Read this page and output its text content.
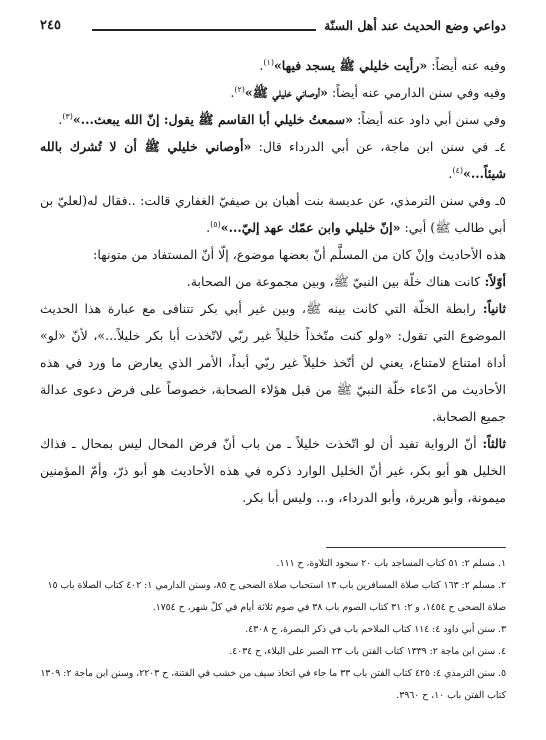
دواعي وضع الحديث عند أهل السنّة
٢٤٥

وفيه عنه أيضاً: «رأيت خليلي ﷺ يسجد فيها»$^{(١)}$.

وفيه وفي سنن الدارمي عنه أيضاً: «أوصاني خليلي ﷺ»$^{(٢)}$.

وفي سنن أبي داود عنه أيضاً: «سمعتُ خليلي أبا القاسم ﷺ يقول: إنّ الله يبعث...»$^{(٣)}$.

٤ـ في سنن ابن ماجة، عن أبي الدرداء قال: «أوصاني خليلي ﷺ أن لا تُشرك بالله شيئاً...»$^{(٤)}$.

٥ـ وفي سنن الترمذي، عن عديسة بنت أهبان بن صيفيّ الغفاري قالت: ..فقال له(لعليّ بن أبي طالب ﷺ) أبي: «إنّ خليلي وابن عمّك عهد إليّ...»$^{(٥)}$.

هذه الأحاديث وإنْ كان من المسلَّم أنّ بعضها موضوع، إلّا أنّ المستفاد من متونها:

أوّلاً: كانت هناك خلّة بين النبيّ ﷺ، وبين مجموعة من الصحابة.

ثانياً: رابطة الخلّة التي كانت بينه ﷺ، وبين غير أبي بكر تتنافى مع عبارة هذا الحديث الموضوع التي تقول: «ولو كنت متّخذاً خليلاً غير ربّي لاتّخذت أبا بكر خليلاً...»، لأنّ «لو» أداة امتناع لامتناع، يعني لن أتّخذ خليلاً غير ربّي أبداً، الأمر الذي يعارض ما ورد في هذه الأحاديث من ادّعاء خلّة النبيّ ﷺ من قبل هؤلاء الصحابة، خصوصاً على فرض دعوى عدالة جميع الصحابة.

ثالثاً: أنّ الرواية تفيد أن لو اتّخذت خليلاً ـ من باب أنّ فرض المحال ليس بمحال ـ فذاك الخليل هو أبو بكر، غير أنّ الخليل الوارد ذكره في هذه الأحاديث هو أبو ذرّ، وأمّ المؤمنين ميمونة، وأبو هريرة، وأبو الدرداء، و... وليس أبا بكر.

١. مسلم ٢: ٥١ كتاب المساجد باب ٢٠ سجود التلاوة، ح ١١١.

٢. مسلم ٢: ١٦٣ كتاب صلاة المسافرين باب ١٣ استحباب صلاة الضحى ح ٨٥، وسنن الدارمي ١: ٤٠٢ كتاب الصلاة باب ١٥ صلاة الضحى ح ١٤٥٤، و ٢: ٣١ كتاب الصوم باب ٣٨ في صوم ثلاثة أيام في كلّ شهر، ح ١٧٥٤.

٣. سنن أبي داود ٤: ١١٤ كتاب الملاحم باب في ذكر البصرة، ح ٤٣٠٨.

٤. سنن ابن ماجة ٢: ١٣٣٩ كتاب الفتن باب ٢٣ الصبر على البلاء، ح ٤٠٣٤.

٥. سنن الترمذي ٤: ٤٢٥ كتاب الفتن باب ٣٣ ما جاء في اتخاذ سيف من خشب في الفتنة، ح ٢٢٠٣، وسنن ابن ماجة ٢: ١٣٠٩ كتاب الفتن باب ١٠، ح ٣٩٦٠.
